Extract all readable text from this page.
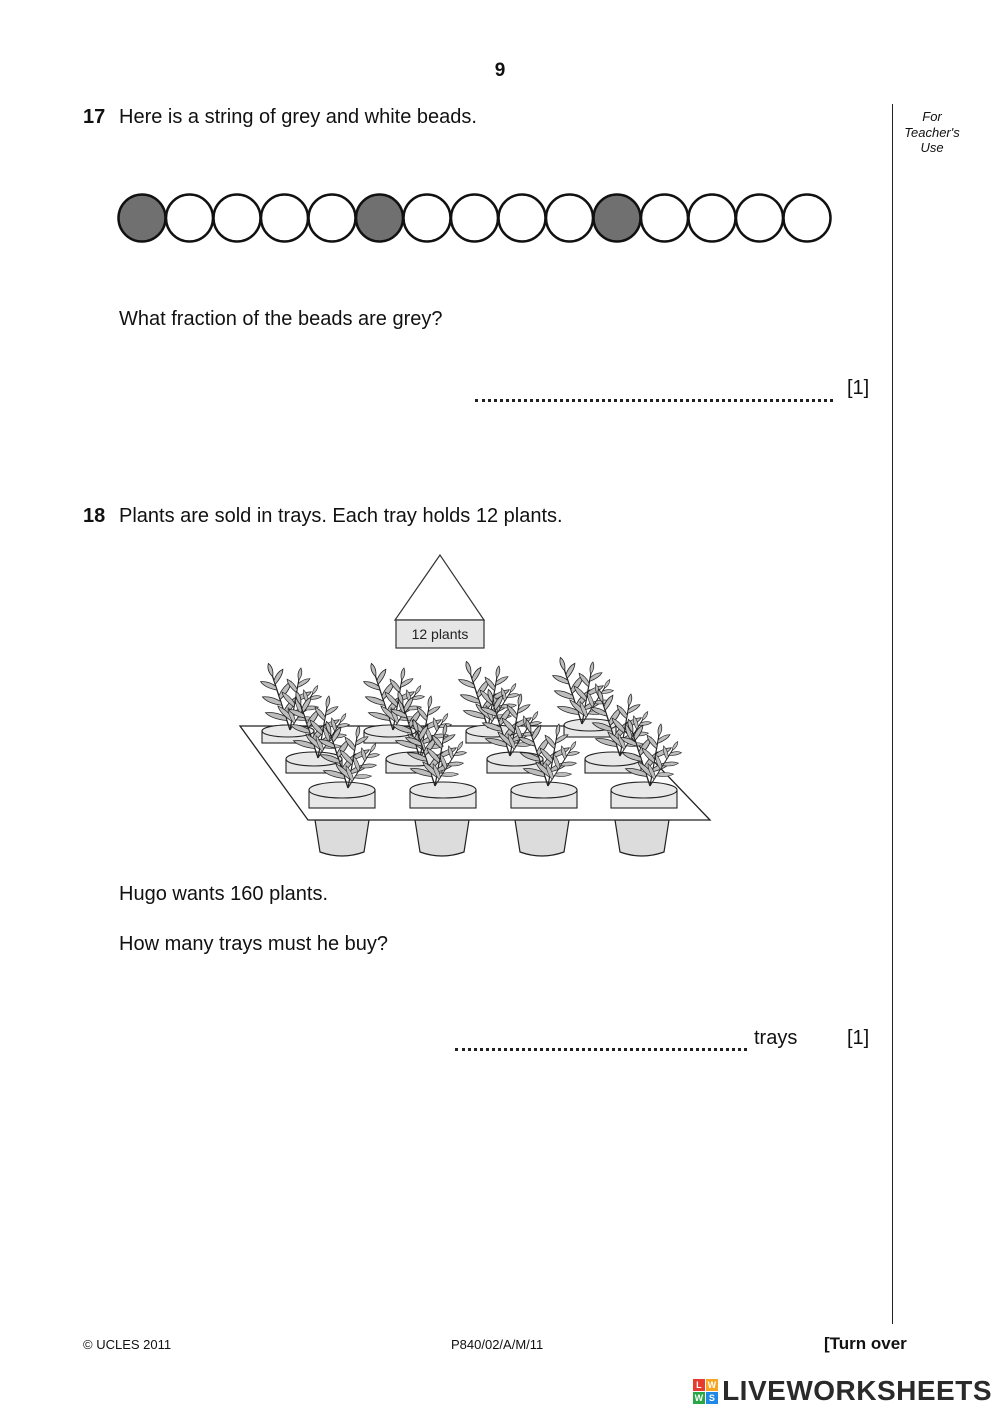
9
For
Teacher's
Use
17 Here is a string of grey and white beads.
What fraction of the beads are grey?
[1]
18 Plants are sold in trays. Each tray holds 12 plants.
12 plants
Hugo wants 160 plants.
How many trays must he buy?
trays [1]
© UCLES 2011	P840/02/A/M/11	[Turn over
L W
W S LIVEWORKSHEETS
